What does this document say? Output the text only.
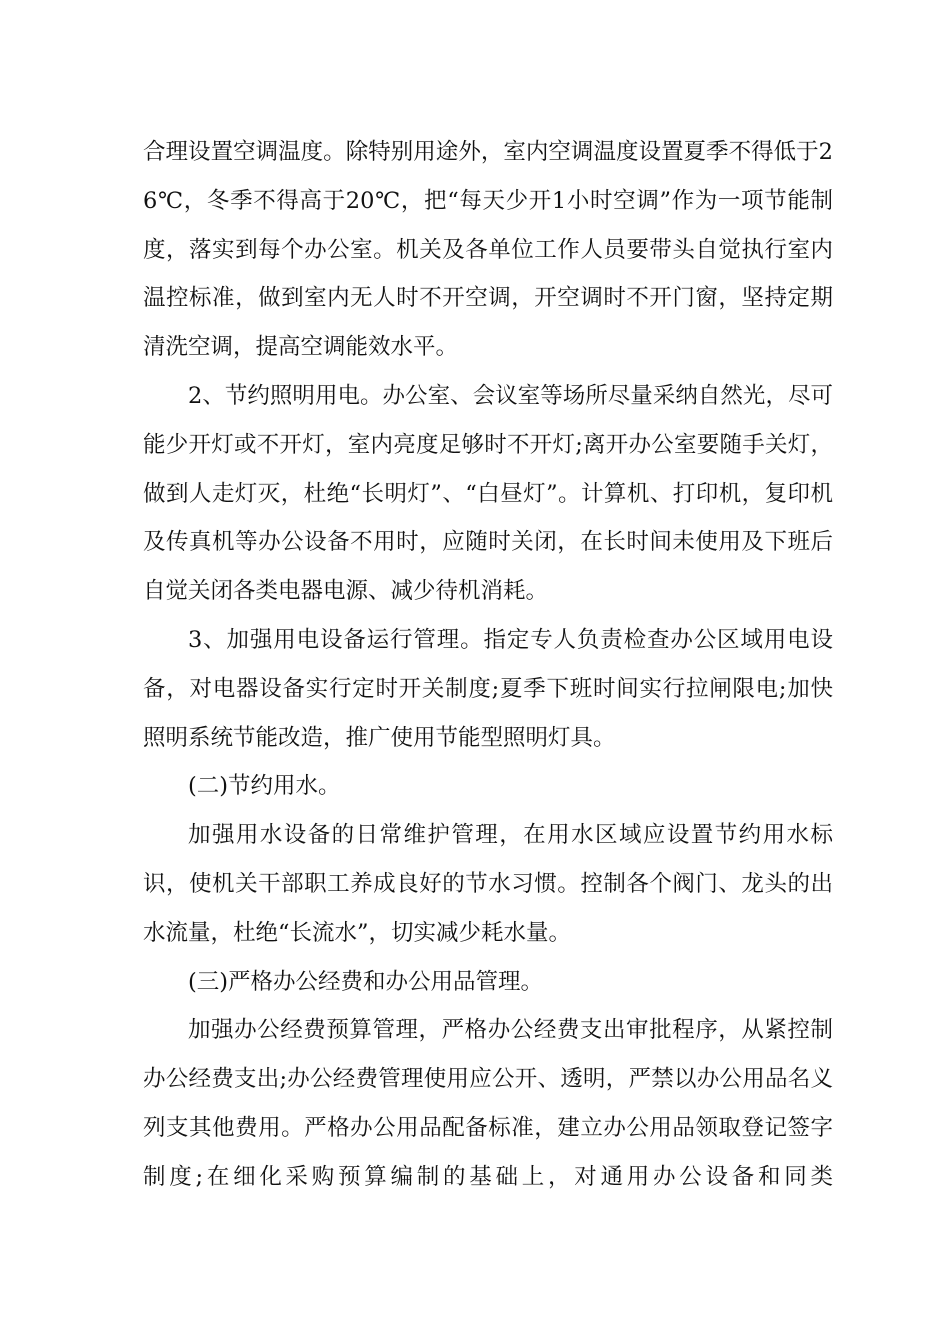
合理设置空调温度。除特别用途外，室内空调温度设置夏季不得低于26℃，冬季不得高于20℃，把“每天少开1小时空调”作为一项节能制度，落实到每个办公室。机关及各单位工作人员要带头自觉执行室内温控标准，做到室内无人时不开空调，开空调时不开门窗，坚持定期清洗空调，提高空调能效水平。

2、节约照明用电。办公室、会议室等场所尽量采纳自然光，尽可能少开灯或不开灯，室内亮度足够时不开灯;离开办公室要随手关灯，做到人走灯灭，杜绝“长明灯”、“白昼灯”。计算机、打印机，复印机及传真机等办公设备不用时，应随时关闭，在长时间未使用及下班后自觉关闭各类电器电源、减少待机消耗。

3、加强用电设备运行管理。指定专人负责检查办公区域用电设备，对电器设备实行定时开关制度;夏季下班时间实行拉闸限电;加快照明系统节能改造，推广使用节能型照明灯具。

(二)节约用水。

加强用水设备的日常维护管理，在用水区域应设置节约用水标识，使机关干部职工养成良好的节水习惯。控制各个阀门、龙头的出水流量，杜绝“长流水”，切实减少耗水量。

(三)严格办公经费和办公用品管理。

加强办公经费预算管理，严格办公经费支出审批程序，从紧控制办公经费支出;办公经费管理使用应公开、透明，严禁以办公用品名义列支其他费用。严格办公用品配备标准，建立办公用品领取登记签字制度;在细化采购预算编制的基础上，对通用办公设备和同类
